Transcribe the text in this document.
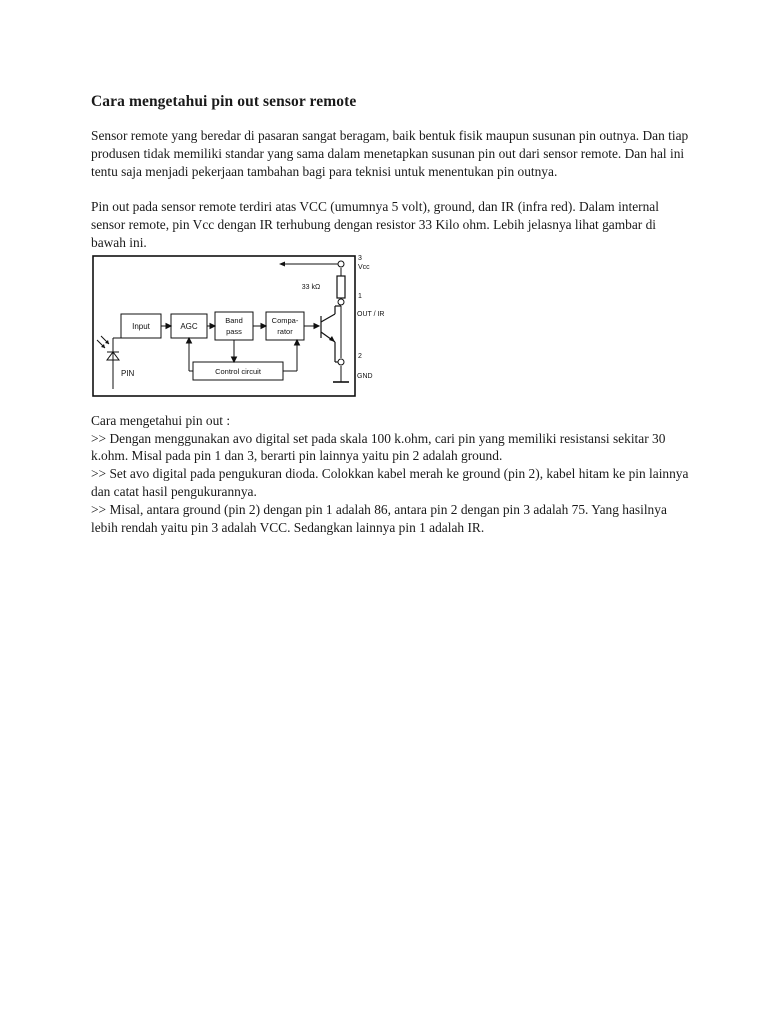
Cara mengetahui pin out sensor remote

Sensor remote yang beredar di pasaran sangat beragam, baik bentuk fisik maupun susunan pin outnya. Dan tiap produsen tidak memiliki standar yang sama dalam menetapkan susunan pin out dari sensor remote. Dan hal ini tentu saja menjadi pekerjaan tambahan bagi para teknisi untuk menentukan pin outnya.

Pin out pada sensor remote terdiri atas VCC (umumnya 5 volt), ground, dan IR (infra red). Dalam internal sensor remote, pin Vcc dengan IR terhubung dengan resistor 33 Kilo ohm. Lebih jelasnya lihat gambar di bawah ini.

PIN
Input	AGC
Band
pass
Compa-
rator
Control circuit
33 kΩ
3
Vcc
1
OUT / IR
2
GND

Cara mengetahui pin out :

>> Dengan menggunakan avo digital set pada skala 100 k.ohm, cari pin yang memiliki resistansi sekitar 30 k.ohm. Misal pada pin 1 dan 3, berarti pin lainnya yaitu pin 2 adalah ground.

>> Set avo digital pada pengukuran dioda. Colokkan kabel merah ke ground (pin 2), kabel hitam ke pin lainnya dan catat hasil pengukurannya.

>> Misal, antara ground (pin 2) dengan pin 1 adalah 86, antara pin 2 dengan pin 3 adalah 75. Yang hasilnya lebih rendah yaitu pin 3 adalah VCC. Sedangkan lainnya pin 1 adalah IR.
